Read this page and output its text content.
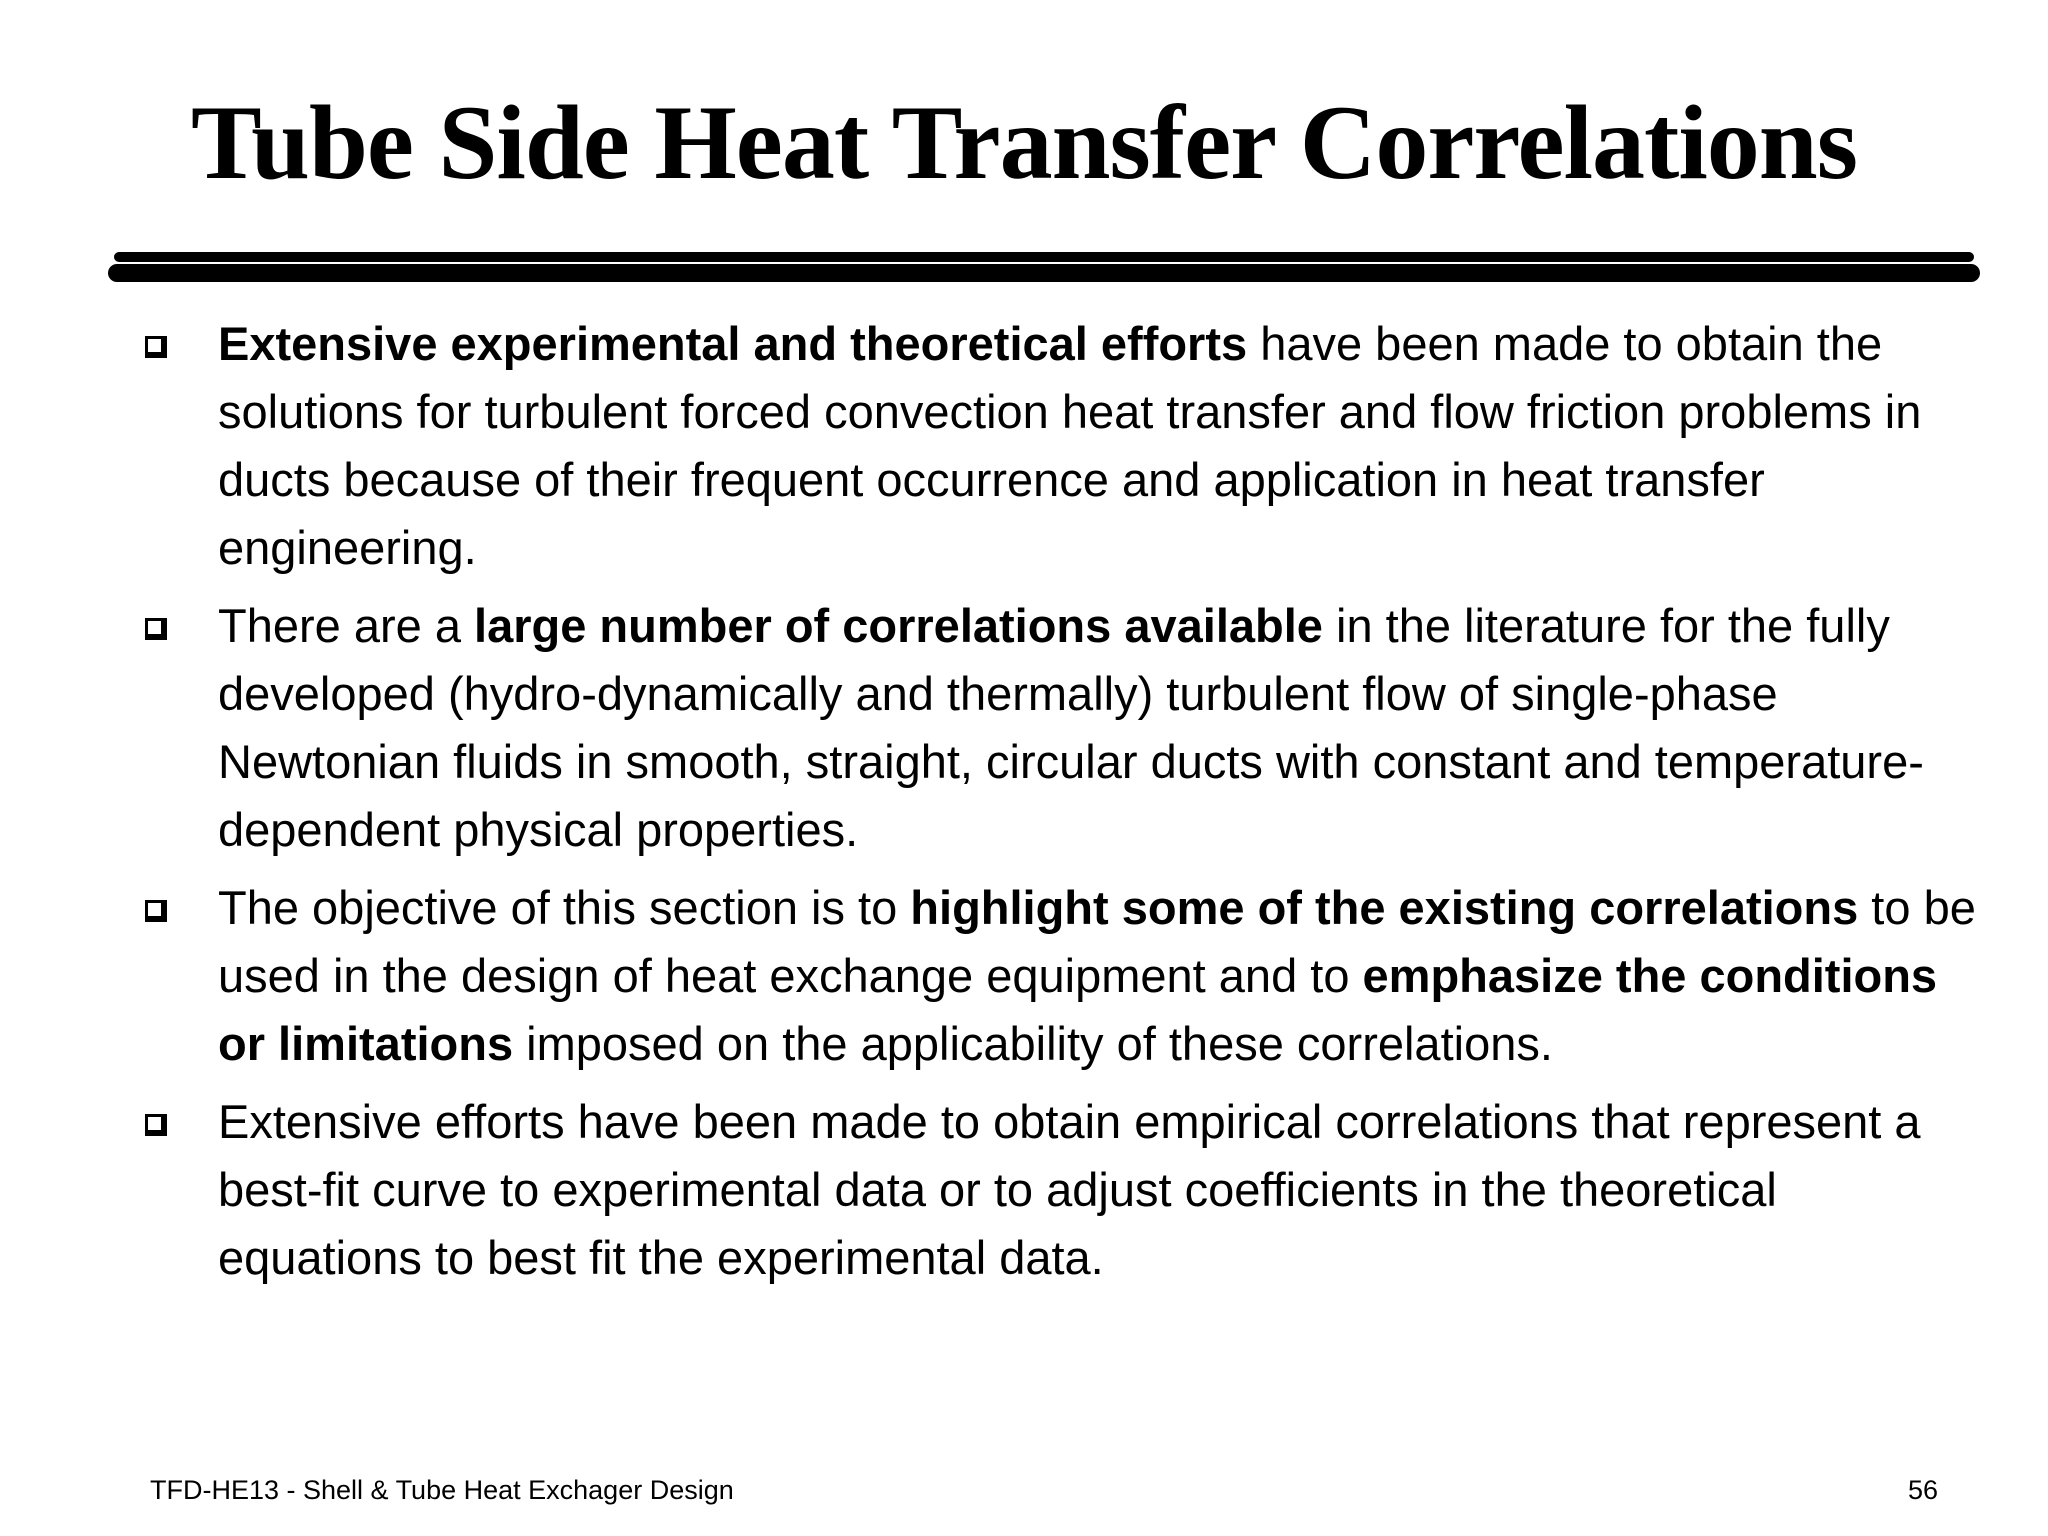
Tube Side Heat Transfer Correlations
Extensive experimental and theoretical efforts have been made to obtain the solutions for turbulent forced convection heat transfer and flow friction problems in ducts because of their frequent occurrence and application in heat transfer engineering.
There are a large number of correlations available in the literature for the fully developed (hydro-dynamically and thermally) turbulent flow of single-phase Newtonian fluids in smooth, straight, circular ducts with constant and temperature-dependent physical properties.
The objective of this section is to highlight some of the existing correlations to be used in the design of heat exchange equipment and to emphasize the conditions or limitations imposed on the applicability of these correlations.
Extensive efforts have been made to obtain empirical correlations that represent a best-fit curve to experimental data or to adjust coefficients in the theoretical equations to best fit the experimental data.
TFD-HE13 - Shell & Tube Heat Exchager Design	56
